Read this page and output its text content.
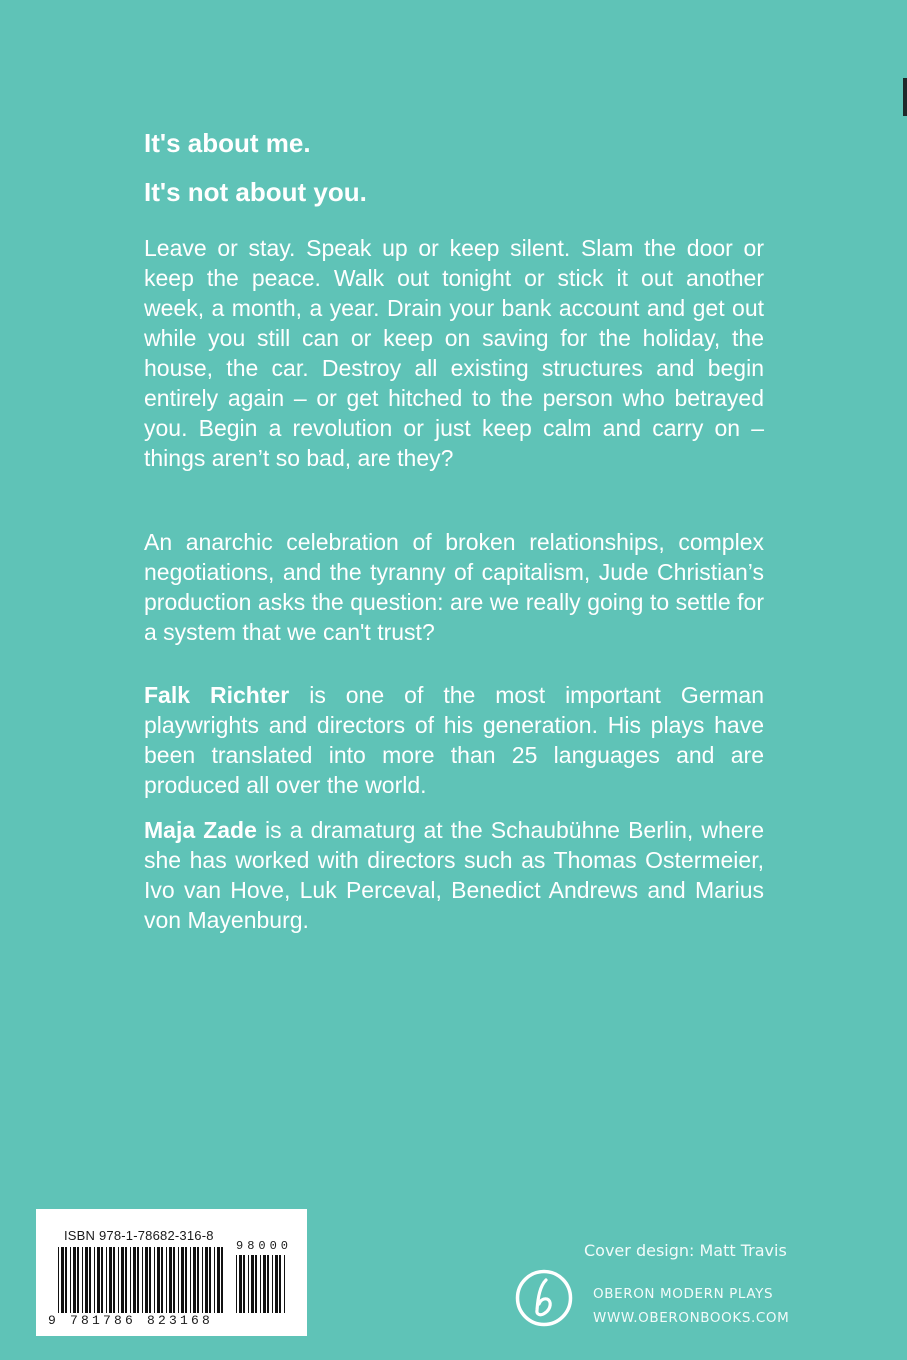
It's about me.
It's not about you.

Leave or stay. Speak up or keep silent. Slam the door or keep the peace. Walk out tonight or stick it out another week, a month, a year. Drain your bank account and get out while you still can or keep on saving for the holiday, the house, the car. Destroy all existing structures and begin entirely again – or get hitched to the person who betrayed you. Begin a revolution or just keep calm and carry on – things aren’t so bad, are they?

An anarchic celebration of broken relationships, complex negotiations, and the tyranny of capitalism, Jude Christian’s production asks the question: are we really going to settle for a system that we can't trust?

Falk Richter is one of the most important German playwrights and directors of his generation. His plays have been translated into more than 25 languages and are produced all over the world.

Maja Zade is a dramaturg at the Schaubühne Berlin, where she has worked with directors such as Thomas Ostermeier, Ivo van Hove, Luk Perceval, Benedict Andrews and Marius von Mayenburg.

ISBN 978-1-78682-316-8
98000
9 781786 823168

Cover design: Matt Travis

OBERON MODERN PLAYS

WWW.OBERONBOOKS.COM
